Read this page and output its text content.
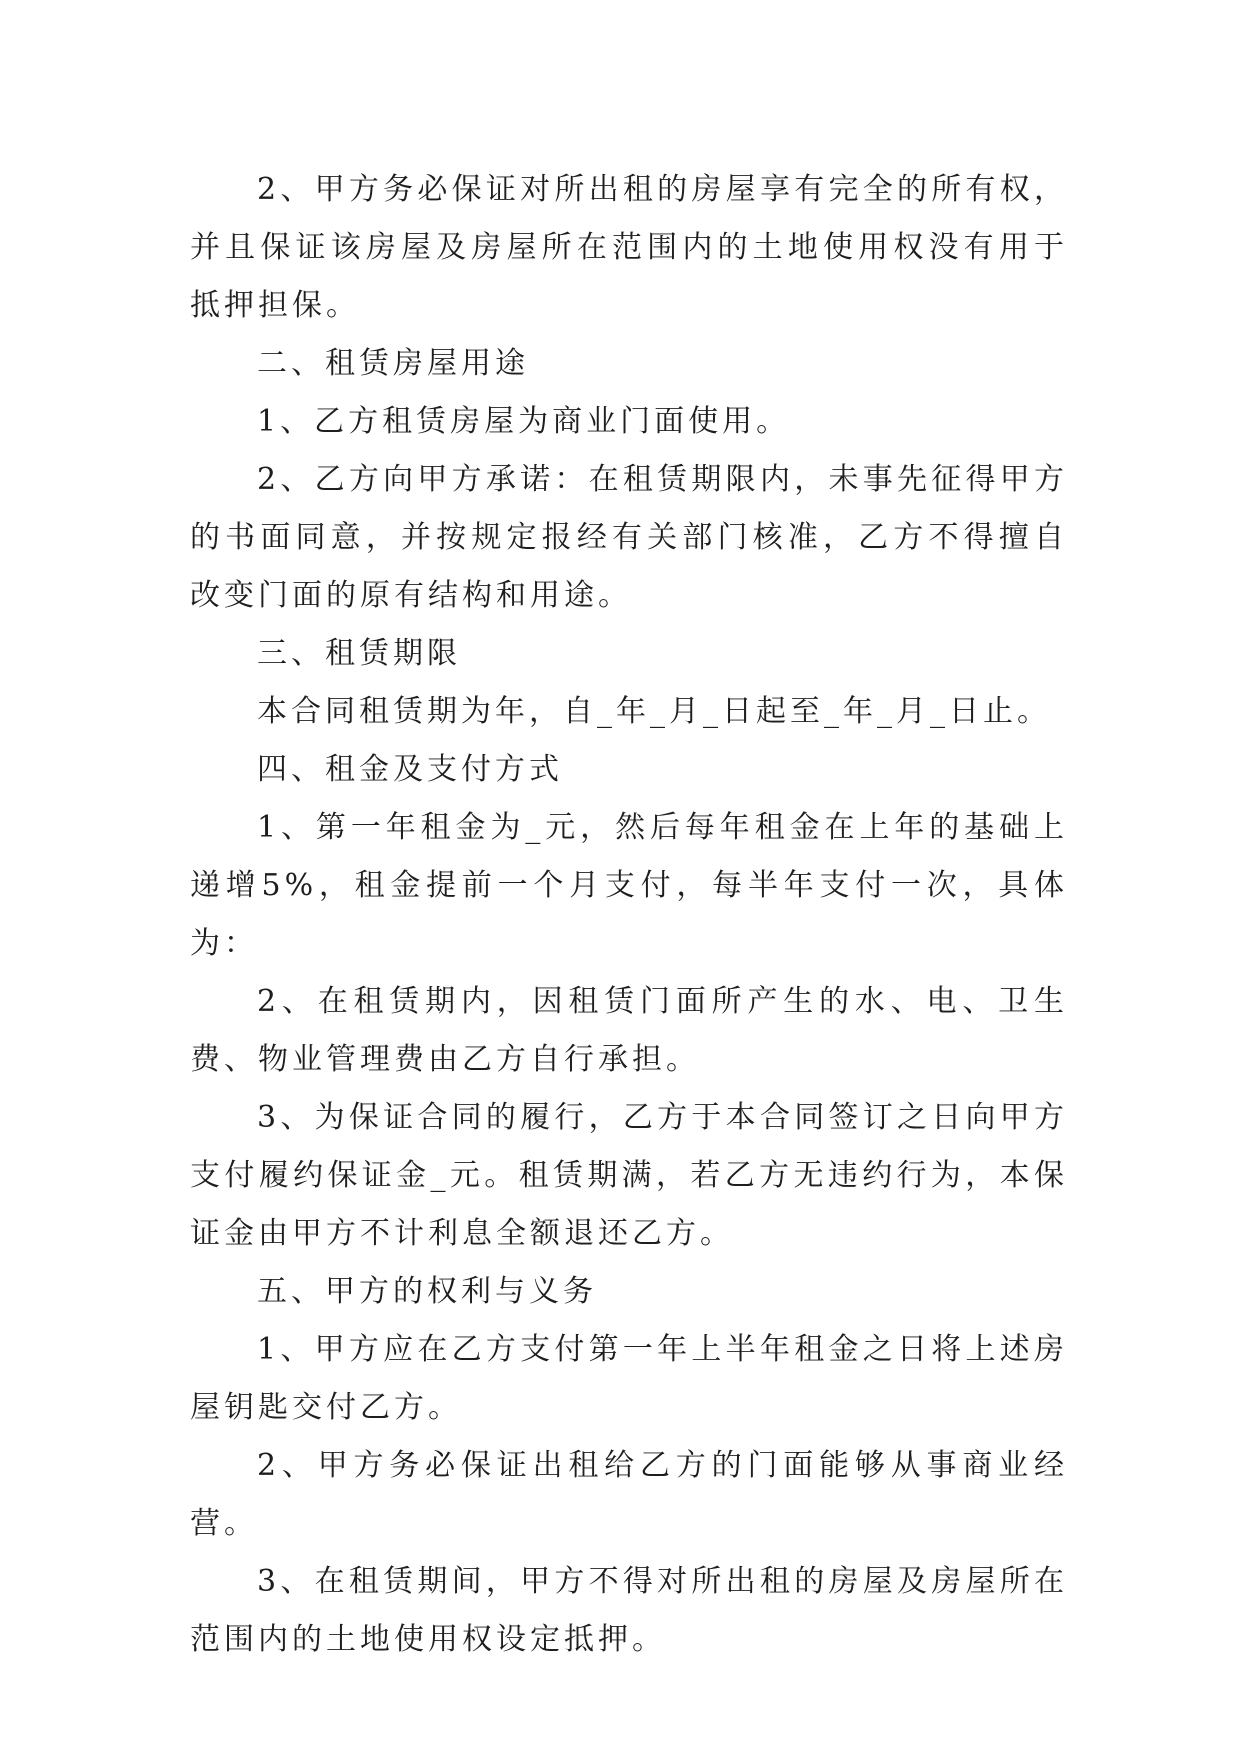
2、甲方务必保证对所出租的房屋享有完全的所有权，并且保证该房屋及房屋所在范围内的土地使用权没有用于抵押担保。

二、租赁房屋用途

1、乙方租赁房屋为商业门面使用。

2、乙方向甲方承诺：在租赁期限内，未事先征得甲方的书面同意，并按规定报经有关部门核准，乙方不得擅自改变门面的原有结构和用途。

三、租赁期限

本合同租赁期为年，自_年_月_日起至_年_月_日止。

四、租金及支付方式

1、第一年租金为_元，然后每年租金在上年的基础上递增5%，租金提前一个月支付，每半年支付一次，具体为：

2、在租赁期内，因租赁门面所产生的水、电、卫生费、物业管理费由乙方自行承担。

3、为保证合同的履行，乙方于本合同签订之日向甲方支付履约保证金_元。租赁期满，若乙方无违约行为，本保证金由甲方不计利息全额退还乙方。

五、甲方的权利与义务

1、甲方应在乙方支付第一年上半年租金之日将上述房屋钥匙交付乙方。

2、甲方务必保证出租给乙方的门面能够从事商业经营。

3、在租赁期间，甲方不得对所出租的房屋及房屋所在范围内的土地使用权设定抵押。
